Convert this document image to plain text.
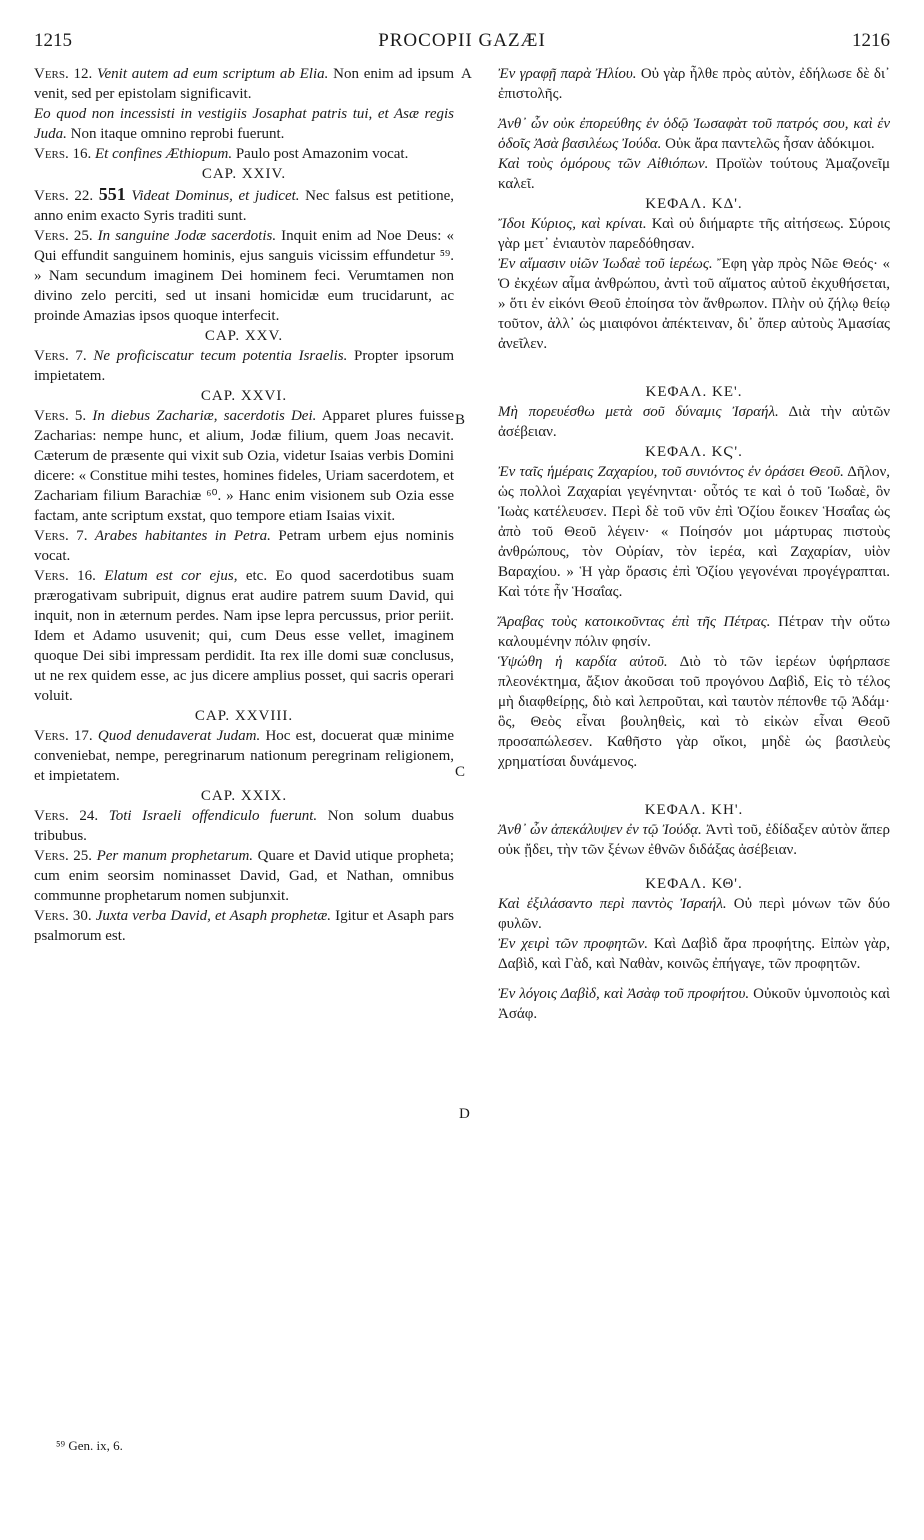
1215	PROCOPII GAZÆI	1216
A
B
C
D

Vers. 12. Venit autem ad eum scriptum ab Elia. Non enim ad ipsum venit, sed per epistolam significavit.

Eo quod non incessisti in vestigiis Josaphat patris tui, et Asæ regis Juda. Non itaque omnino reprobi fuerunt.

Vers. 16. Et confines Æthiopum. Paulo post Amazonim vocat.

CAP. XXIV.

Vers. 22. 551 Videat Dominus, et judicet. Nec falsus est petitione, anno enim exacto Syris traditi sunt.

Vers. 25. In sanguine Jodæ sacerdotis. Inquit enim ad Noe Deus: « Qui effundit sanguinem hominis, ejus sanguis vicissim effundetur ⁵⁹. » Nam secundum imaginem Dei hominem feci. Verumtamen non divino zelo perciti, sed ut insani homicidæ eum trucidarunt, ac proinde Amazias ipsos quoque interfecit.

CAP. XXV.

Vers. 7. Ne proficiscatur tecum potentia Israelis. Propter ipsorum impietatem.

CAP. XXVI.

Vers. 5. In diebus Zachariæ, sacerdotis Dei. Apparet plures fuisse Zacharias: nempe hunc, et alium, Jodæ filium, quem Joas necavit. Cæterum de præsente qui vixit sub Ozia, videtur Isaias verbis Domini dicere: « Constitue mihi testes, homines fideles, Uriam sacerdotem, et Zachariam filium Barachiæ ⁶⁰. » Hanc enim visionem sub Ozia esse factam, ante scriptum exstat, quo tempore etiam Isaias vixit.

Vers. 7. Arabes habitantes in Petra. Petram urbem ejus nominis vocat.

Vers. 16. Elatum est cor ejus, etc. Eo quod sacerdotibus suam prærogativam subripuit, dignus erat audire patrem suum David, qui inquit, non in æternum perdes. Nam ipse lepra percussus, prior periit. Idem et Adamo usuvenit; qui, cum Deus esse vellet, imaginem quoque Dei sibi impressam perdidit. Ita rex ille domi suæ conclusus, ut ne rex quidem esse, ac jus dicere amplius posset, qui sacris operari voluit.

CAP. XXVIII.

Vers. 17. Quod denudaverat Judam. Hoc est, docuerat quæ minime conveniebat, nempe, peregrinarum nationum peregrinam religionem, et impietatem.

CAP. XXIX.

Vers. 24. Toti Israeli offendiculo fuerunt. Non solum duabus tribubus.

Vers. 25. Per manum prophetarum. Quare et David utique propheta; cum enim seorsim nominasset David, Gad, et Nathan, omnibus communne prophetarum nomen subjunxit.

Vers. 30. Juxta verba David, et Asaph prophetæ. Igitur et Asaph pars psalmorum est.

Ἐν γραφῇ παρὰ Ἠλίου. Οὐ γὰρ ἦλθε πρὸς αὐτὸν, ἐδήλωσε δὲ δι᾽ ἐπιστολῆς.

Ἀνθ᾽ ὧν οὐκ ἐπορεύθης ἐν ὁδῷ Ἰωσαφὰτ τοῦ πατρός σου, καὶ ἐν ὁδοῖς Ἀσὰ βασιλέως Ἰούδα. Οὐκ ἄρα παντελῶς ἦσαν ἀδόκιμοι.

Καὶ τοὺς ὁμόρους τῶν Αἰθιόπων. Προϊὼν τούτους Ἀμαζονεῖμ καλεῖ.

ΚΕΦΑΛ. ΚΔ'.

Ἴδοι Κύριος, καὶ κρίναι. Καὶ οὐ διήμαρτε τῆς αἰτήσεως. Σύροις γὰρ μετ᾽ ἐνιαυτὸν παρεδόθησαν.

Ἐν αἵμασιν υἱῶν Ἰωδαὲ τοῦ ἱερέως. Ἔφη γὰρ πρὸς Νῶε Θεός· « Ὁ ἐκχέων αἷμα ἀνθρώπου, ἀντὶ τοῦ αἵματος αὐτοῦ ἐκχυθήσεται, » ὅτι ἐν εἰκόνι Θεοῦ ἐποίησα τὸν ἄνθρωπον. Πλὴν οὐ ζήλῳ θείῳ τοῦτον, ἀλλ᾽ ὡς μιαιφόνοι ἀπέκτειναν, δι᾽ ὅπερ αὐτοὺς Ἀμασίας ἀνεῖλεν.

ΚΕΦΑΛ. ΚΕ'.

Μὴ πορευέσθω μετὰ σοῦ δύναμις Ἰσραήλ. Διὰ τὴν αὐτῶν ἀσέβειαν.

ΚΕΦΑΛ. ΚϚ'.

Ἐν ταῖς ἡμέραις Ζαχαρίου, τοῦ συνιόντος ἐν ὁράσει Θεοῦ. Δῆλον, ὡς πολλοὶ Ζαχαρίαι γεγένηνται· οὗτός τε καὶ ὁ τοῦ Ἰωδαὲ, ὃν Ἰωὰς κατέλευσεν. Περὶ δὲ τοῦ νῦν ἐπὶ Ὀζίου ἔοικεν Ἡσαΐας ὡς ἀπὸ τοῦ Θεοῦ λέγειν· « Ποίησόν μοι μάρτυρας πιστοὺς ἀνθρώπους, τὸν Οὐρίαν, τὸν ἱερέα, καὶ Ζαχαρίαν, υἱὸν Βαραχίου. » Ἡ γὰρ ὅρασις ἐπὶ Ὀζίου γεγονέναι προγέγραπται. Καὶ τότε ἦν Ἡσαΐας.

Ἄραβας τοὺς κατοικοῦντας ἐπὶ τῆς Πέτρας. Πέτραν τὴν οὕτω καλουμένην πόλιν φησίν.

Ὑψώθη ἡ καρδία αὐτοῦ. Διὸ τὸ τῶν ἱερέων ὑφήρπασε πλεονέκτημα, ἄξιον ἀκοῦσαι τοῦ προγόνου Δαβὶδ, Εἰς τὸ τέλος μὴ διαφθείρῃς, διὸ καὶ λεπροῦται, καὶ ταυτὸν πέπονθε τῷ Ἀδάμ· ὃς, Θεὸς εἶναι βουληθεὶς, καὶ τὸ εἰκὼν εἶναι Θεοῦ προσαπώλεσεν. Καθῆστο γὰρ οἴκοι, μηδὲ ὡς βασιλεὺς χρηματίσαι δυνάμενος.

ΚΕΦΑΛ. ΚΗ'.

Ἀνθ᾽ ὧν ἀπεκάλυψεν ἐν τῷ Ἰούδᾳ. Ἀντὶ τοῦ, ἐδίδαξεν αὐτὸν ἅπερ οὐκ ᾔδει, τὴν τῶν ξένων ἐθνῶν διδάξας ἀσέβειαν.

ΚΕΦΑΛ. ΚΘ'.

Καὶ ἐξιλάσαντο περὶ παντὸς Ἰσραήλ. Οὐ περὶ μόνων τῶν δύο φυλῶν.

Ἐν χειρὶ τῶν προφητῶν. Καὶ Δαβὶδ ἄρα προφήτης. Εἰπὼν γὰρ, Δαβὶδ, καὶ Γὰδ, καὶ Ναθὰν, κοινῶς ἐπήγαγε, τῶν προφητῶν.

Ἐν λόγοις Δαβὶδ, καὶ Ἀσὰφ τοῦ προφήτου. Οὐκοῦν ὑμνοποιὸς καὶ Ἀσάφ.

⁵⁹ Gen. ix, 6.
